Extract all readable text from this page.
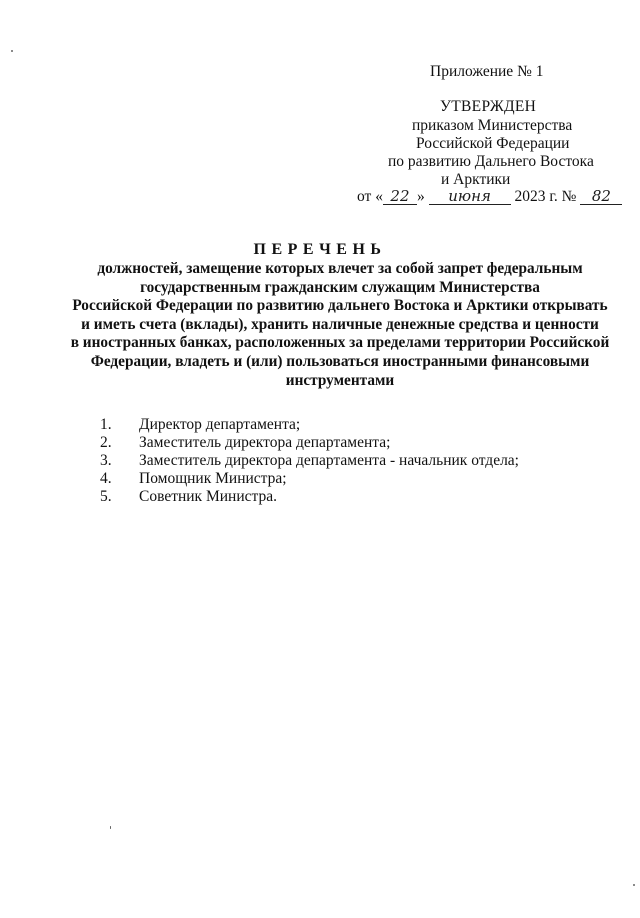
Приложение № 1
УТВЕРЖДЕН
приказом Министерства
Российской Федерации
по развитию Дальнего Востока
и Арктики
от « 22 » июня 2023 г. № 82
ПЕРЕЧЕНЬ
должностей, замещение которых влечет за собой запрет федеральным
государственным гражданским служащим Министерства
Российской Федерации по развитию дальнего Востока и Арктики открывать
и иметь счета (вклады), хранить наличные денежные средства и ценности
в иностранных банках, расположенных за пределами территории Российской
Федерации, владеть и (или) пользоваться иностранными финансовыми
инструментами
1. Директор департамента;
2. Заместитель директора департамента;
3. Заместитель директора департамента - начальник отдела;
4. Помощник Министра;
5. Советник Министра.
